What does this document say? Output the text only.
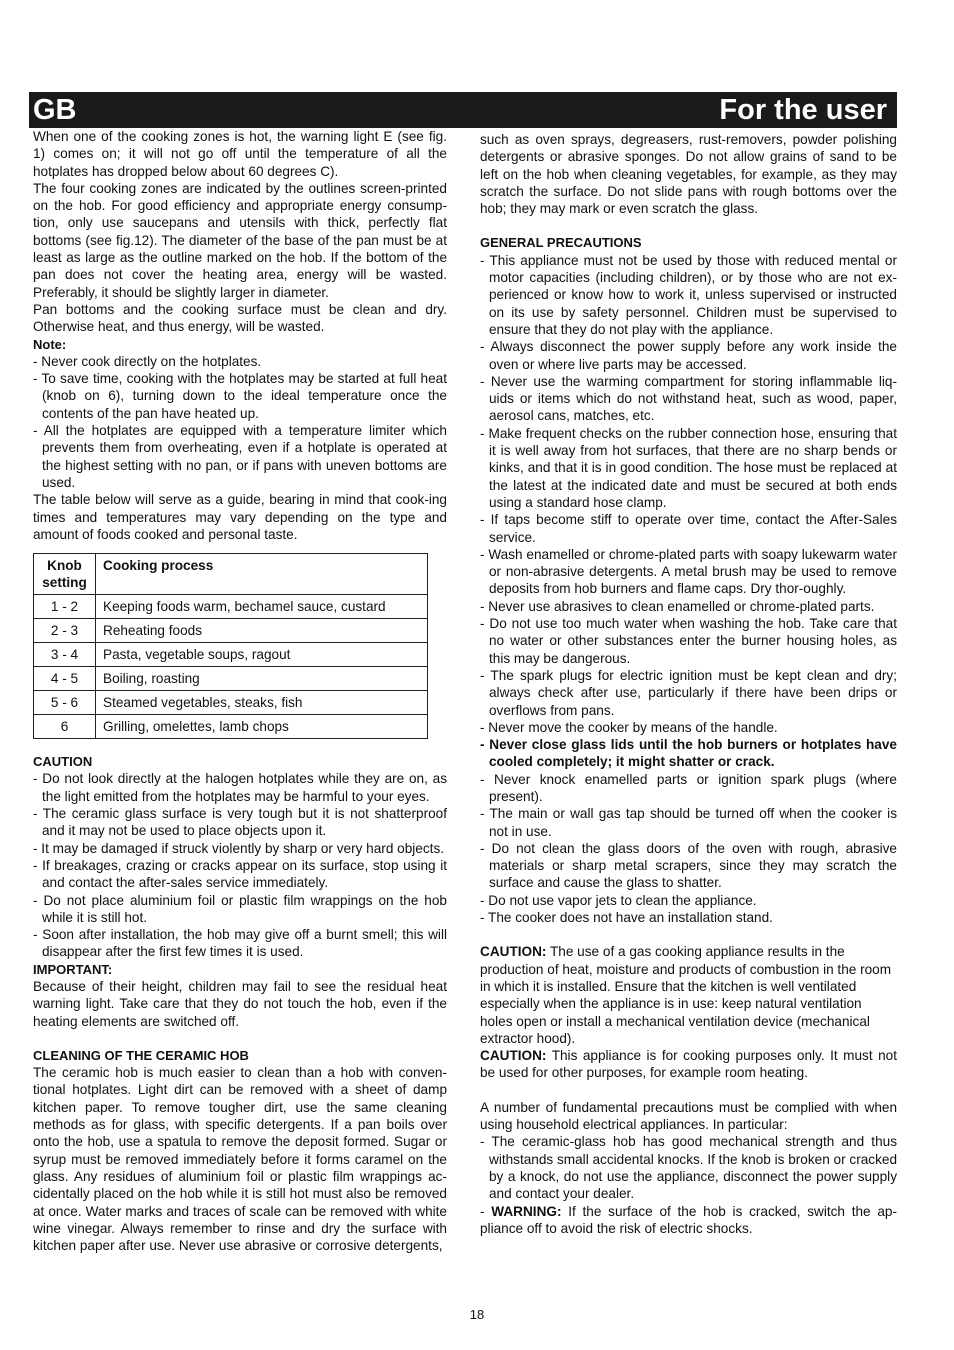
GB	For the user

When one of the cooking zones is hot, the warning light E (see fig. 1) comes on; it will not go off until the temperature of all the hotplates has dropped below about 60 degrees C).

The four cooking zones are indicated by the outlines screen-printed on the hob. For good efficiency and appropriate energy consump-tion, only use saucepans and utensils with thick, perfectly flat bottoms (see fig.12). The diameter of the base of the pan must be at least as large as the outline marked on the hob. If the bottom of the pan does not cover the heating area, energy will be wasted. Preferably, it should be slightly larger in diameter.

Pan bottoms and the cooking surface must be clean and dry. Otherwise heat, and thus energy, will be wasted.

Note:

- Never cook directly on the hotplates.
- To save time, cooking with the hotplates may be started at full heat (knob on 6), turning down to the ideal temperature once the contents of the pan have heated up.
- All the hotplates are equipped with a temperature limiter which prevents them from overheating, even if a hotplate is operated at the highest setting with no pan, or if pans with uneven bottoms are used.

The table below will serve as a guide, bearing in mind that cook-ing times and temperatures may vary depending on the type and amount of foods cooked and personal taste.

Knob setting	Cooking process
1 - 2	Keeping foods warm, bechamel sauce, custard
2 - 3	Reheating foods
3 - 4	Pasta, vegetable soups, ragout
4 - 5	Boiling, roasting
5 - 6	Steamed vegetables, steaks, fish
6	Grilling, omelettes, lamb chops

CAUTION

- Do not look directly at the halogen hotplates while they are on, as the light emitted from the hotplates may be harmful to your eyes.
- The ceramic glass surface is very tough but it is not shatterproof and it may not be used to place objects upon it.
- It may be damaged if struck violently by sharp or very hard objects.
- If breakages, crazing or cracks appear on its surface, stop using it and contact the after-sales service immediately.
- Do not place aluminium foil or plastic film wrappings on the hob while it is still hot.
- Soon after installation, the hob may give off a burnt smell; this will disappear after the first few times it is used.

IMPORTANT:

Because of their height, children may fail to see the residual heat warning light. Take care that they do not touch the hob, even if the heating elements are switched off.

CLEANING OF THE CERAMIC HOB

The ceramic hob is much easier to clean than a hob with conven-tional hotplates. Light dirt can be removed with a sheet of damp kitchen paper. To remove tougher dirt, use the same cleaning methods as for glass, with specific detergents. If a pan boils over onto the hob, use a spatula to remove the deposit formed. Sugar or syrup must be removed immediately before it forms caramel on the glass. Any residues of aluminium foil or plastic film wrappings ac-cidentally placed on the hob while it is still hot must also be removed at once. Water marks and traces of scale can be removed with white wine vinegar. Always remember to rinse and dry the surface with kitchen paper after use. Never use abrasive or corrosive detergents,

such as oven sprays, degreasers, rust-removers, powder polishing detergents or abrasive sponges. Do not allow grains of sand to be left on the hob when cleaning vegetables, for example, as they may scratch the surface. Do not slide pans with rough bottoms over the hob; they may mark or even scratch the glass.

GENERAL PRECAUTIONS

- This appliance must not be used by those with reduced mental or motor capacities (including children), or by those who are not ex-perienced or know how to work it, unless supervised or instructed on its use by safety personnel. Children must be supervised to ensure that they do not play with the appliance.
- Always disconnect the power supply before any work inside the oven or where live parts may be accessed.
- Never use the warming compartment for storing inflammable liq-uids or items which do not withstand heat, such as wood, paper, aerosol cans, matches, etc.
- Make frequent checks on the rubber connection hose, ensuring that it is well away from hot surfaces, that there are no sharp bends or kinks, and that it is in good condition. The hose must be replaced at the latest at the indicated date and must be secured at both ends using a standard hose clamp.
- If taps become stiff to operate over time, contact the After-Sales service.
- Wash enamelled or chrome-plated parts with soapy lukewarm water or non-abrasive detergents. A metal brush may be used to remove deposits from hob burners and flame caps. Dry thor-oughly.
- Never use abrasives to clean enamelled or chrome-plated parts.
- Do not use too much water when washing the hob. Take care that no water or other substances enter the burner housing holes, as this may be dangerous.
- The spark plugs for electric ignition must be kept clean and dry; always check after use, particularly if there have been drips or overflows from pans.
- Never move the cooker by means of the handle.
- Never close glass lids until the hob burners or hotplates have cooled completely; it might shatter or crack.
- Never knock enamelled parts or ignition spark plugs (where present).
- The main or wall gas tap should be turned off when the cooker is not in use.
- Do not clean the glass doors of the oven with rough, abrasive materials or sharp metal scrapers, since they may scratch the surface and cause the glass to shatter.
- Do not use vapor jets to clean the appliance.
- The cooker does not have an installation stand.

CAUTION: The use of a gas cooking appliance results in the production of heat, moisture and products of combustion in the room in which it is installed. Ensure that the kitchen is well ventilated especially when the appliance is in use: keep natural ventilation holes open or install a mechanical ventilation device (mechanical extractor hood).

CAUTION: This appliance is for cooking purposes only. It must not be used for other purposes, for example room heating.

A number of fundamental precautions must be complied with when using household electrical appliances. In particular:

- The ceramic-glass hob has good mechanical strength and thus withstands small accidental knocks. If the knob is broken or cracked by a knock, do not use the appliance, disconnect the power supply and contact your dealer.

- WARNING: If the surface of the hob is cracked, switch the ap-pliance off to avoid the risk of electric shocks.

18
